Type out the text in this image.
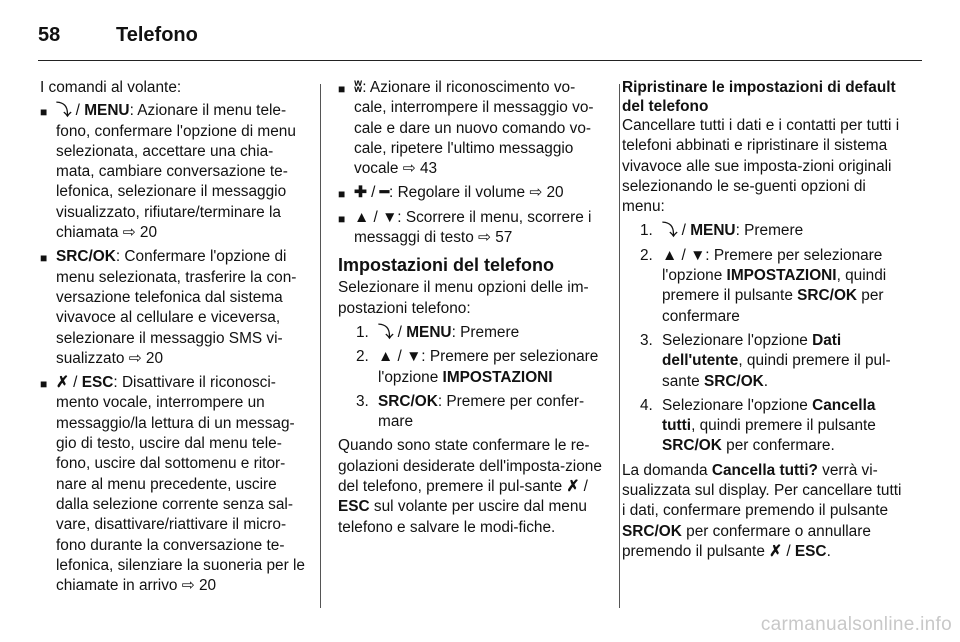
58	Telefono

I comandi al volante:

■ ⤵ / MENU: Azionare il menu tele-fono, confermare l'opzione di menu selezionata, accettare una chia-mata, cambiare conversazione te-lefonica, selezionare il messaggio visualizzato, rifiutare/terminare la chiamata ⇨ 20
■ SRC/OK: Confermare l'opzione di menu selezionata, trasferire la con-versazione telefonica dal sistema vivavoce al cellulare e viceversa, selezionare il messaggio SMS vi-sualizzato ⇨ 20
■ ✗ / ESC: Disattivare il riconosci-mento vocale, interrompere un messaggio/la lettura di un messag-gio di testo, uscire dal menu tele-fono, uscire dal sottomenu e ritor-nare al menu precedente, uscire dalla selezione corrente senza sal-vare, disattivare/riattivare il micro-fono durante la conversazione te-lefonica, silenziare la suoneria per le chiamate in arrivo ⇨ 20
■ ʬ: Azionare il riconoscimento vo-cale, interrompere il messaggio vo-cale e dare un nuovo comando vo-cale, ripetere l'ultimo messaggio vocale ⇨ 43
■ ✚ / ━: Regolare il volume ⇨ 20
■ ▲ / ▼: Scorrere il menu, scorrere i messaggi di testo ⇨ 57
Impostazioni del telefono

Selezionare il menu opzioni delle im-postazioni telefono:

1. ⤵ / MENU: Premere
2. ▲ / ▼: Premere per selezionare l'opzione IMPOSTAZIONI
3. SRC/OK: Premere per confer-mare

Quando sono state confermare le re-golazioni desiderate dell'imposta-zione del telefono, premere il pul-sante ✗ / ESC sul volante per uscire dal menu telefono e salvare le modi-fiche.

Ripristinare le impostazioni di default del telefono

Cancellare tutti i dati e i contatti per tutti i telefoni abbinati e ripristinare il sistema vivavoce alle sue imposta-zioni originali selezionando le se-guenti opzioni di menu:

1. ⤵ / MENU: Premere
2. ▲ / ▼: Premere per selezionare l'opzione IMPOSTAZIONI, quindi premere il pulsante SRC/OK per confermare
3. Selezionare l'opzione Dati dell'utente, quindi premere il pul-sante SRC/OK.
4. Selezionare l'opzione Cancella tutti, quindi premere il pulsante SRC/OK per confermare.

La domanda Cancella tutti? verrà vi-sualizzata sul display. Per cancellare tutti i dati, confermare premendo il pulsante SRC/OK per confermare o annullare premendo il pulsante ✗ / ESC.

carmanualsonline.info
